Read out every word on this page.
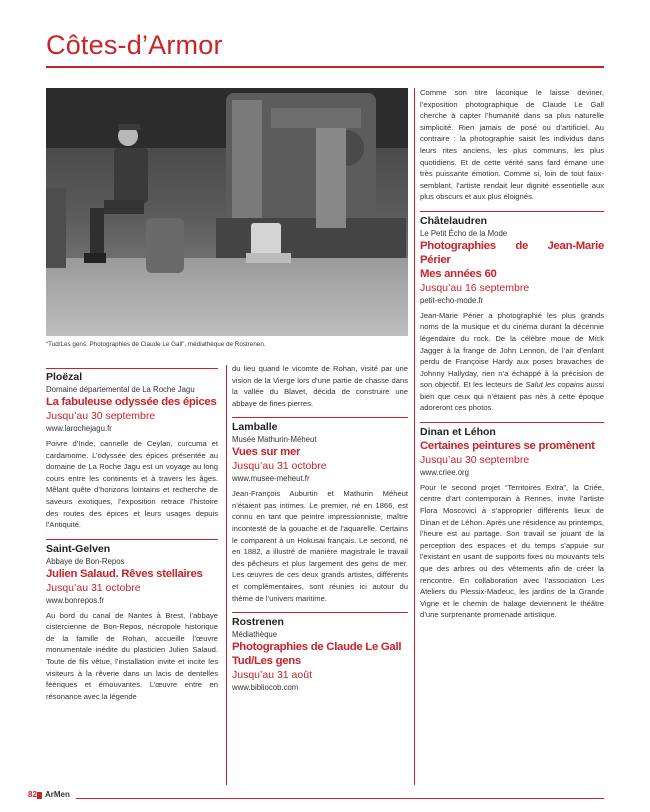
Côtes-d’Armor
“Tud/Les gens. Photographies de Claude Le Gall”, médiathèque de Rostrenen.
Ploëzal
Domaine départemental de La Roche Jagu
La fabuleuse odyssée des épices
Jusqu’au 30 septembre
www.larochejagu.fr

Poivre d’Inde, cannelle de Ceylan, curcuma et cardamome. L’odyssée des épices présentée au domaine de La Roche Jagu est un voyage au long cours entre les continents et à travers les âges. Mêlant quête d’horizons lointains et recherche de saveurs exotiques, l’exposition retrace l’histoire des routes des épices et leurs usages depuis l’Antiquité.

Saint-Gelven
Abbaye de Bon-Repos
Julien Salaud. Rêves stellaires
Jusqu’au 31 octobre
www.bonrepos.fr

Au bord du canal de Nantes à Brest, l’abbaye cistercienne de Bon-Repos, nécropole historique de la famille de Rohan, accueille l’œuvre monumentale inédite du plasticien Julien Salaud. Toute de fils vêtue, l’installation invite et incite les visiteurs à la rêverie dans un lacis de dentelles féériques et émouvantes. L’œuvre entre en résonance avec la légende

du lieu quand le vicomte de Rohan, visité par une vision de la Vierge lors d’une partie de chasse dans la vallée du Blavet, décida de construire une abbaye de fines pierres.

Lamballe
Musée Mathurin-Méheut
Vues sur mer
Jusqu’au 31 octobre
www.musee-meheut.fr

Jean-François Auburtin et Mathurin Méheut n’étaient pas intimes. Le premier, né en 1866, est connu en tant que peintre impressionniste, maître incontesté de la gouache et de l’aquarelle. Certains le comparent à un Hokusai français. Le second, né en 1882, a illustré de manière magistrale le travail des pêcheurs et plus largement des gens de mer. Les œuvres de ces deux grands artistes, différents et complémentaires, sont réunies ici autour du thème de l’univers maritime.

Rostrenen
Médiathèque
Photographies de Claude Le Gall
Tud/Les gens
Jusqu’au 31 août
www.bibliocob.com

Comme son titre laconique le laisse deviner, l’exposition photographique de Claude Le Gall cherche à capter l’humanité dans sa plus naturelle simplicité. Rien jamais de posé ou d’artificiel. Au contraire : la photographie saisit les individus dans leurs rites anciens, les plus communs, les plus quotidiens. Et de cette vérité sans fard émane une très puissante émotion. Comme si, loin de tout faux-semblant, l’artiste rendait leur dignité essentielle aux plus obscurs et aux plus éloignés.

Châtelaudren
Le Petit Écho de la Mode
Photographies de Jean-Marie Périer
Mes années 60
Jusqu’au 16 septembre
petit-echo-mode.fr

Jean-Marie Périer a photographié les plus grands noms de la musique et du cinéma durant la décennie légendaire du rock. De la célèbre moue de Mick Jagger à la frange de John Lennon, de l’air d’enfant perdu de Françoise Hardy aux poses bravaches de Johnny Hallyday, rien n’a échappé à la précision de son objectif. Et les lecteurs de Salut les copains aussi bien que ceux qui n’étaient pas nés à cette époque adoreront ces photos.

Dinan et Léhon
Certaines peintures se promènent
Jusqu’au 30 septembre
www.criee.org

Pour le second projet “Territoires Extra”, la Criée, centre d’art contemporain à Rennes, invite l’artiste Flora Moscovici à s’approprier différents lieux de Dinan et de Léhon. Après une résidence au printemps, l’heure est au partage. Son travail se jouant de la perception des espaces et du temps s’appuie sur l’existant en usant de supports fixes ou mouvants tels que des arbres ou des vêtements afin de créer la rencontre. En collaboration avec l’association Les Ateliers du Plessix-Madeuc, les jardins de la Grande Vigne et le chemin de halage deviennent le théâtre d’une surprenante promenade artistique.

82 ArMen
